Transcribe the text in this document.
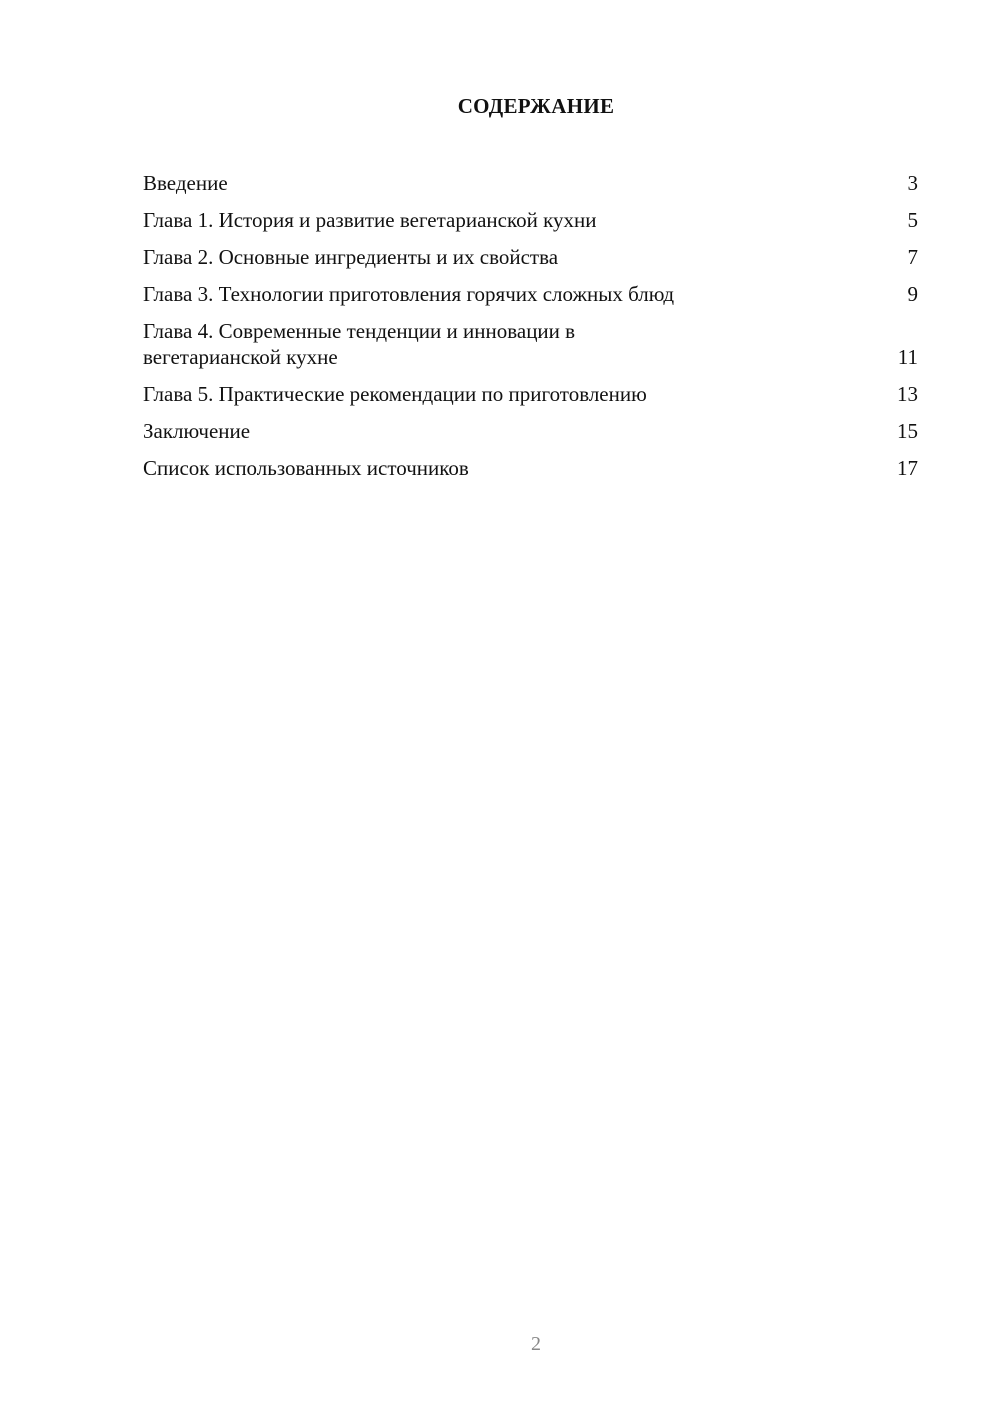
СОДЕРЖАНИЕ
Введение	3
Глава 1. История и развитие вегетарианской кухни	5
Глава 2. Основные ингредиенты и их свойства	7
Глава 3. Технологии приготовления горячих сложных блюд	9
Глава 4. Современные тенденции и инновации в вегетарианской кухне	11
Глава 5. Практические рекомендации по приготовлению	13
Заключение	15
Список использованных источников	17
2
